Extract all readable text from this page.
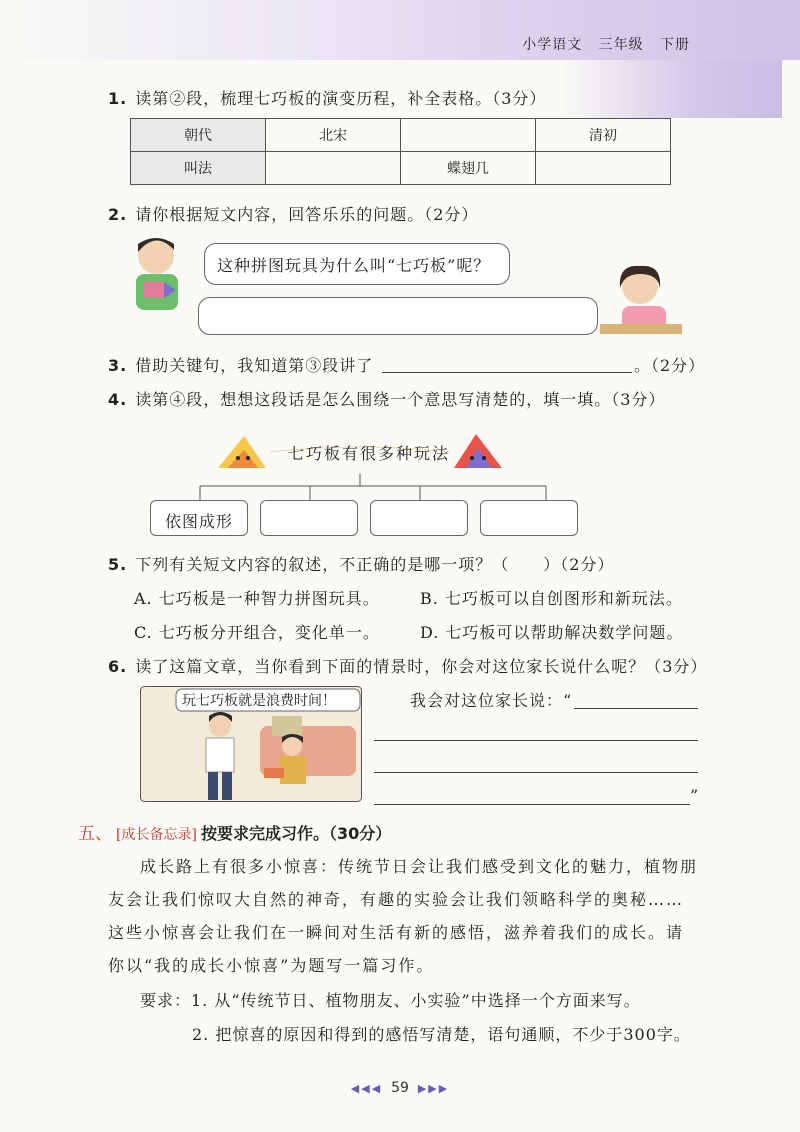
小学语文 三年级 下册
1. 读第②段，梳理七巧板的演变历程，补全表格。（3分）
朝代	北宋		清初
叫法		蝶翅几	
2. 请你根据短文内容，回答乐乐的问题。（2分）
这种拼图玩具为什么叫“七巧板”呢？
3. 借助关键句，我知道第③段讲了	。（2分）
4. 读第④段，想想这段话是怎么围绕一个意思写清楚的，填一填。（3分）
七巧板有很多种玩法
依图成形
5. 下列有关短文内容的叙述，不正确的是哪一项？（　　）（2分）
A. 七巧板是一种智力拼图玩具。	B. 七巧板可以自创图形和新玩法。
C. 七巧板分开组合，变化单一。	D. 七巧板可以帮助解决数学问题。
6. 读了这篇文章，当你看到下面的情景时，你会对这位家长说什么呢？（3分）
玩七巧板就是浪费时间！	我会对这位家长说：“
”
五、 [成长备忘录] 按要求完成习作。（30分）

成长路上有很多小惊喜：传统节日会让我们感受到文化的魅力，植物朋

友会让我们惊叹大自然的神奇，有趣的实验会让我们领略科学的奥秘……

这些小惊喜会让我们在一瞬间对生活有新的感悟，滋养着我们的成长。请

你以“我的成长小惊喜”为题写一篇习作。

要求：1. 从“传统节日、植物朋友、小实验”中选择一个方面来写。
2. 把惊喜的原因和得到的感悟写清楚，语句通顺，不少于300字。
◀◀◀ 59 ▶▶▶
